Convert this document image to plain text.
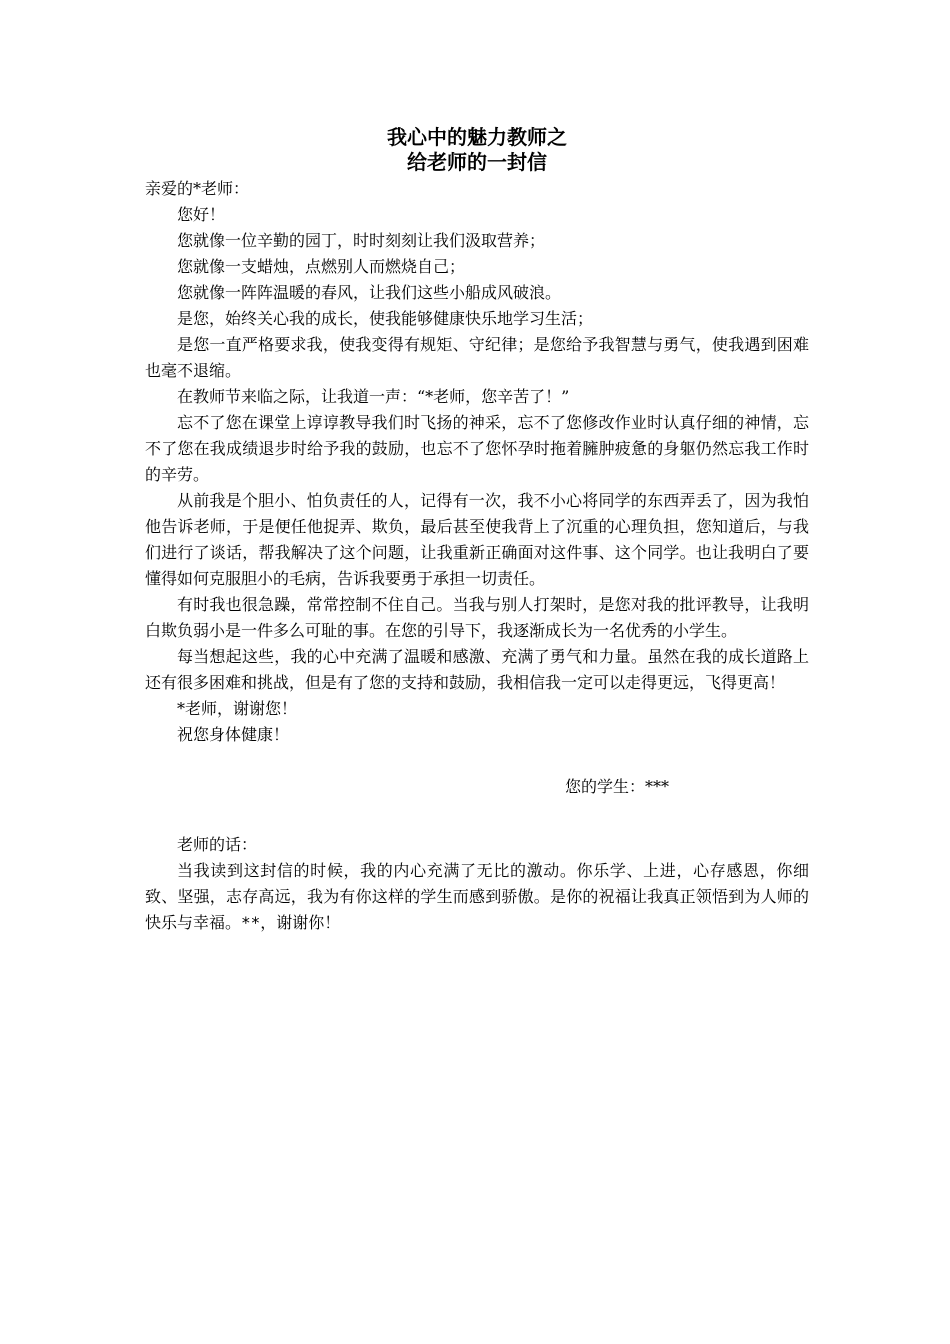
我心中的魅力教师之
给老师的一封信

亲爱的*老师：

您好！

您就像一位辛勤的园丁，时时刻刻让我们汲取营养；

您就像一支蜡烛，点燃别人而燃烧自己；

您就像一阵阵温暖的春风，让我们这些小船成风破浪。

是您，始终关心我的成长，使我能够健康快乐地学习生活；

是您一直严格要求我，使我变得有规矩、守纪律；是您给予我智慧与勇气，使我遇到困难也毫不退缩。

在教师节来临之际，让我道一声：“*老师，您辛苦了！”

忘不了您在课堂上谆谆教导我们时飞扬的神采，忘不了您修改作业时认真仔细的神情，忘不了您在我成绩退步时给予我的鼓励，也忘不了您怀孕时拖着臃肿疲惫的身躯仍然忘我工作时的辛劳。

从前我是个胆小、怕负责任的人，记得有一次，我不小心将同学的东西弄丢了，因为我怕他告诉老师，于是便任他捉弄、欺负，最后甚至使我背上了沉重的心理负担，您知道后，与我们进行了谈话，帮我解决了这个问题，让我重新正确面对这件事、这个同学。也让我明白了要懂得如何克服胆小的毛病，告诉我要勇于承担一切责任。

有时我也很急躁，常常控制不住自己。当我与别人打架时，是您对我的批评教导，让我明白欺负弱小是一件多么可耻的事。在您的引导下，我逐渐成长为一名优秀的小学生。

每当想起这些，我的心中充满了温暖和感激、充满了勇气和力量。虽然在我的成长道路上还有很多困难和挑战，但是有了您的支持和鼓励，我相信我一定可以走得更远，飞得更高！

*老师，谢谢您！

祝您身体健康！

您的学生：***

老师的话：

当我读到这封信的时候，我的内心充满了无比的激动。你乐学、上进，心存感恩，你细致、坚强，志存高远，我为有你这样的学生而感到骄傲。是你的祝福让我真正领悟到为人师的快乐与幸福。**，谢谢你！
